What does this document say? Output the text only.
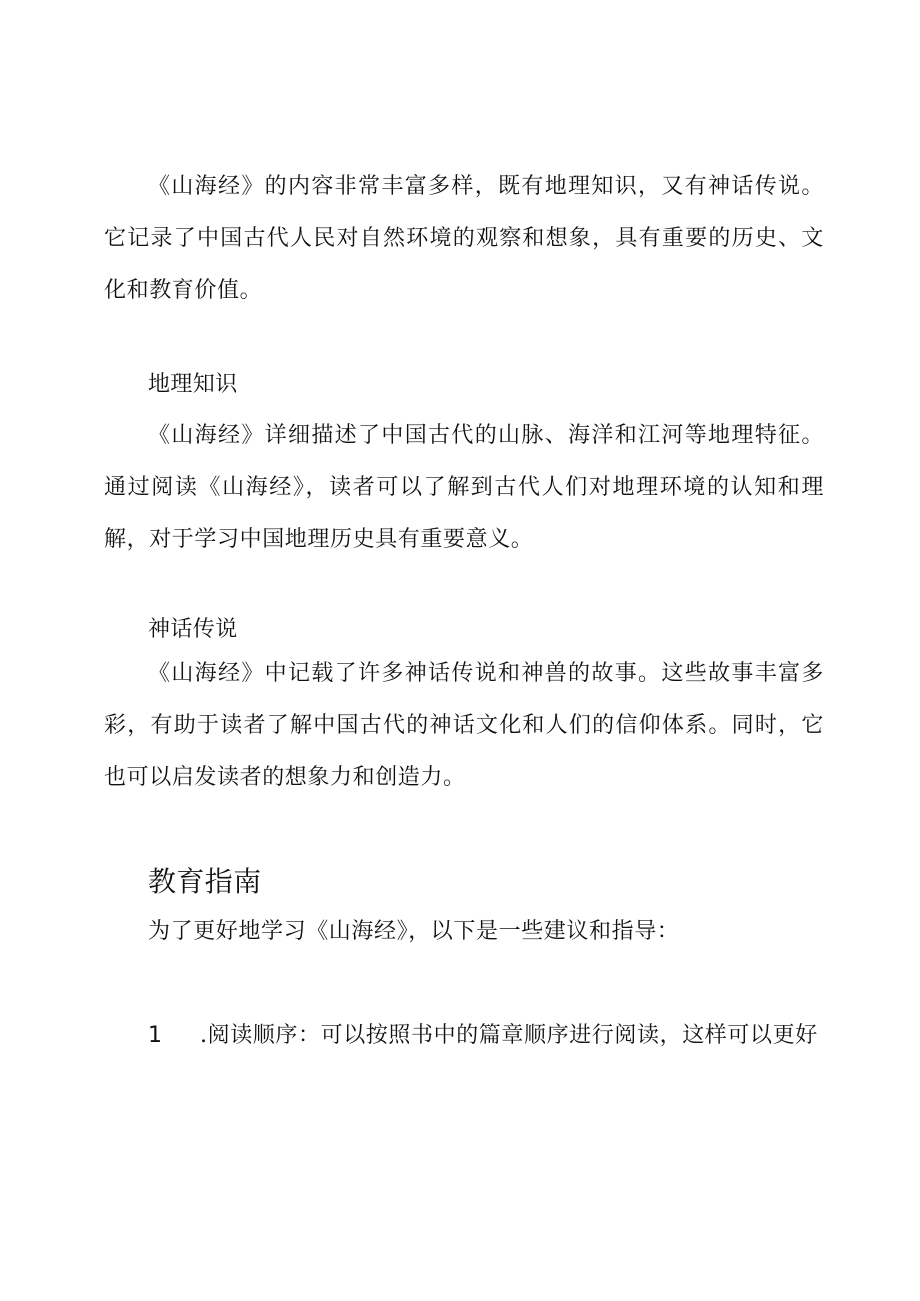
《山海经》的内容非常丰富多样，既有地理知识，又有神话传说。它记录了中国古代人民对自然环境的观察和想象，具有重要的历史、文化和教育价值。

地理知识

《山海经》详细描述了中国古代的山脉、海洋和江河等地理特征。通过阅读《山海经》，读者可以了解到古代人们对地理环境的认知和理解，对于学习中国地理历史具有重要意义。

神话传说

《山海经》中记载了许多神话传说和神兽的故事。这些故事丰富多彩，有助于读者了解中国古代的神话文化和人们的信仰体系。同时，它也可以启发读者的想象力和创造力。

教育指南

为了更好地学习《山海经》，以下是一些建议和指导：

1 .阅读顺序：可以按照书中的篇章顺序进行阅读，这样可以更好
